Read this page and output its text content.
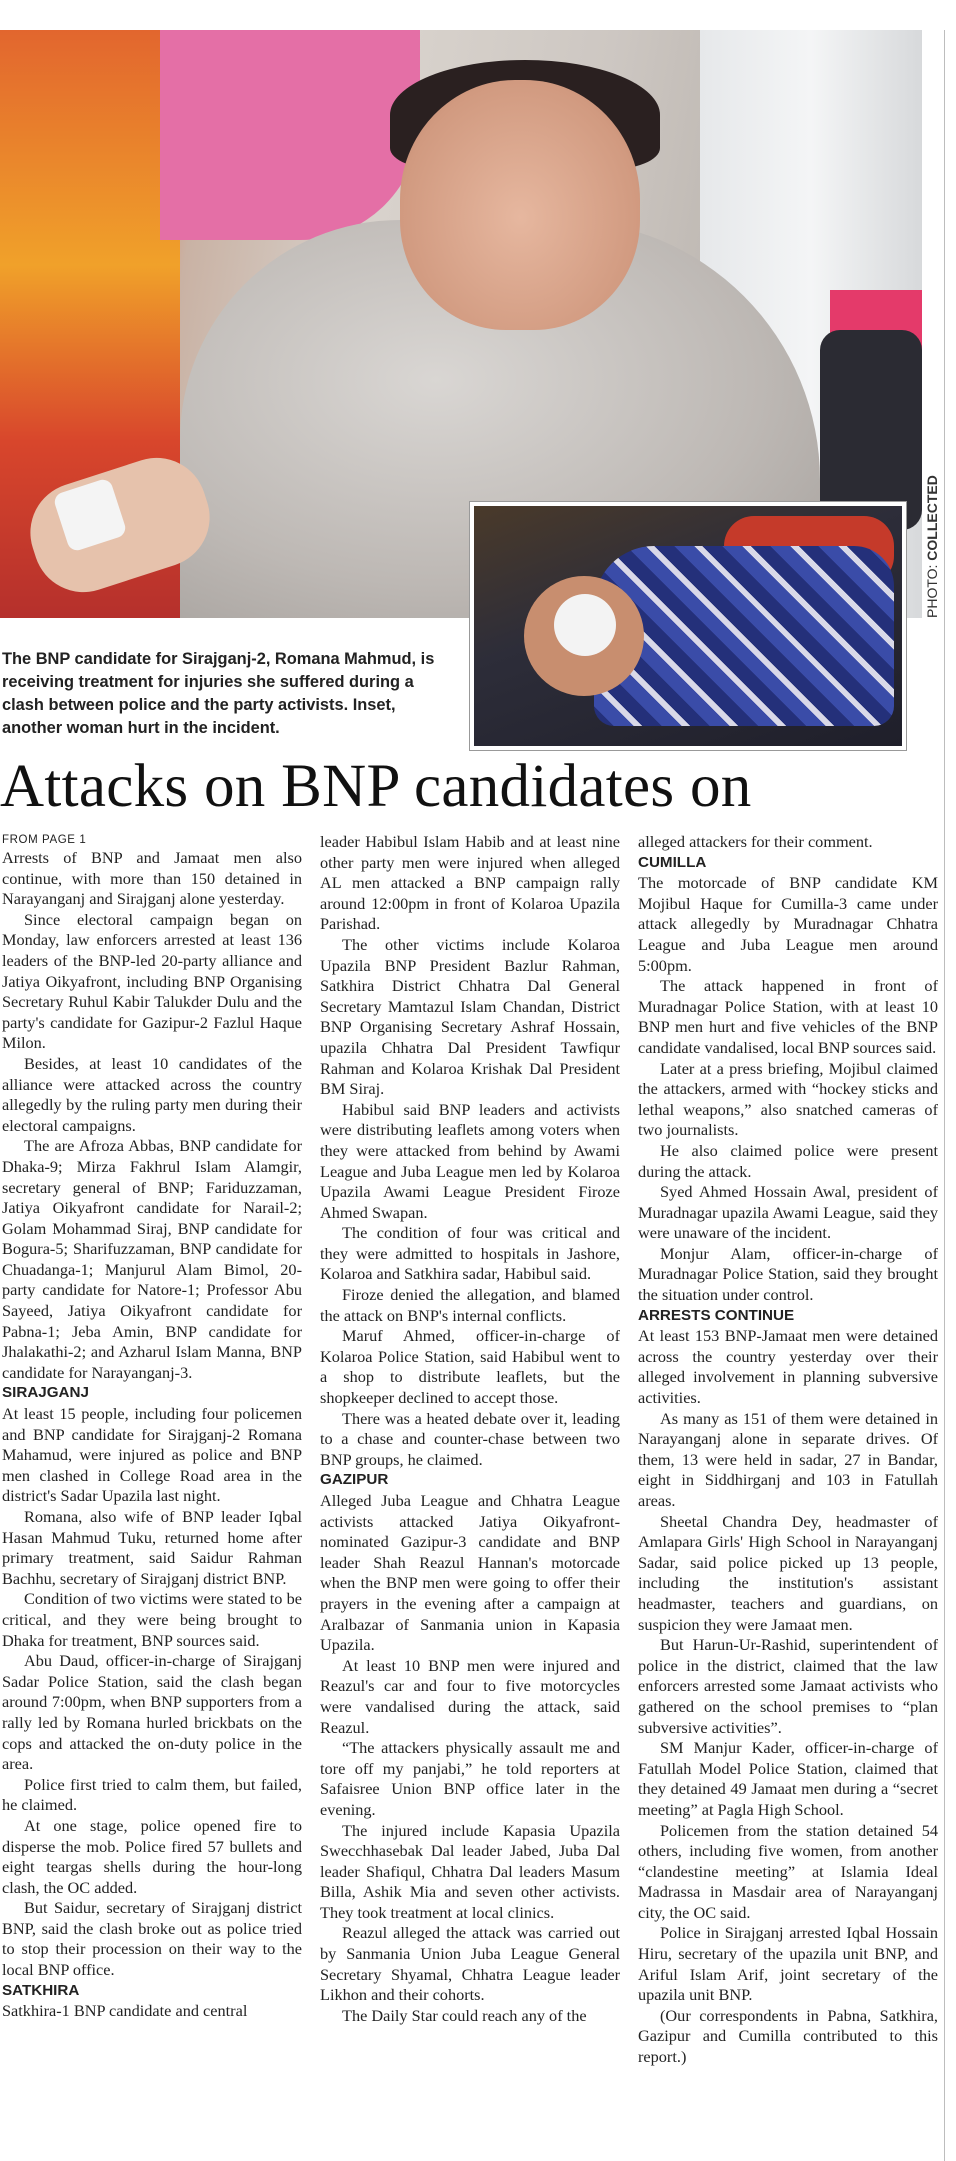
PHOTO: COLLECTED
The BNP candidate for Sirajganj-2, Romana Mahmud, is receiving treatment for injuries she suffered during a clash between police and the party activists. Inset, another woman hurt in the incident.
Attacks on BNP candidates on
FROM PAGE 1

Arrests of BNP and Jamaat men also continue, with more than 150 detained in Narayanganj and Sirajganj alone yesterday.

Since electoral campaign began on Monday, law enforcers arrested at least 136 leaders of the BNP-led 20-party alliance and Jatiya Oikyafront, including BNP Organising Secretary Ruhul Kabir Talukder Dulu and the party's candidate for Gazipur-2 Fazlul Haque Milon.

Besides, at least 10 candidates of the alliance were attacked across the country allegedly by the ruling party men during their electoral campaigns.

The are Afroza Abbas, BNP candidate for Dhaka-9; Mirza Fakhrul Islam Alamgir, secretary general of BNP; Fariduzzaman, Jatiya Oikyafront candidate for Narail-2; Golam Mohammad Siraj, BNP candidate for Bogura-5; Sharifuzzaman, BNP candidate for Chuadanga-1; Manjurul Alam Bimol, 20-party candidate for Natore-1; Professor Abu Sayeed, Jatiya Oikyafront candidate for Pabna-1; Jeba Amin, BNP candidate for Jhalakathi-2; and Azharul Islam Manna, BNP candidate for Narayanganj-3.

SIRAJGANJ

At least 15 people, including four policemen and BNP candidate for Sirajganj-2 Romana Mahamud, were injured as police and BNP men clashed in College Road area in the district's Sadar Upazila last night.

Romana, also wife of BNP leader Iqbal Hasan Mahmud Tuku, returned home after primary treatment, said Saidur Rahman Bachhu, secretary of Sirajganj district BNP.

Condition of two victims were stated to be critical, and they were being brought to Dhaka for treatment, BNP sources said.

Abu Daud, officer-in-charge of Sirajganj Sadar Police Station, said the clash began around 7:00pm, when BNP supporters from a rally led by Romana hurled brickbats on the cops and attacked the on-duty police in the area.

Police first tried to calm them, but failed, he claimed.

At one stage, police opened fire to disperse the mob. Police fired 57 bullets and eight teargas shells during the hour-long clash, the OC added.

But Saidur, secretary of Sirajganj district BNP, said the clash broke out as police tried to stop their procession on their way to the local BNP office.

SATKHIRA

Satkhira-1 BNP candidate and central

leader Habibul Islam Habib and at least nine other party men were injured when alleged AL men attacked a BNP campaign rally around 12:00pm in front of Kolaroa Upazila Parishad.

The other victims include Kolaroa Upazila BNP President Bazlur Rahman, Satkhira District Chhatra Dal General Secretary Mamtazul Islam Chandan, District BNP Organising Secretary Ashraf Hossain, upazila Chhatra Dal President Tawfiqur Rahman and Kolaroa Krishak Dal President BM Siraj.

Habibul said BNP leaders and activists were distributing leaflets among voters when they were attacked from behind by Awami League and Juba League men led by Kolaroa Upazila Awami League President Firoze Ahmed Swapan.

The condition of four was critical and they were admitted to hospitals in Jashore, Kolaroa and Satkhira sadar, Habibul said.

Firoze denied the allegation, and blamed the attack on BNP's internal conflicts.

Maruf Ahmed, officer-in-charge of Kolaroa Police Station, said Habibul went to a shop to distribute leaflets, but the shopkeeper declined to accept those.

There was a heated debate over it, leading to a chase and counter-chase between two BNP groups, he claimed.

GAZIPUR

Alleged Juba League and Chhatra League activists attacked Jatiya Oikyafront-nominated Gazipur-3 candidate and BNP leader Shah Reazul Hannan's motorcade when the BNP men were going to offer their prayers in the evening after a campaign at Aralbazar of Sanmania union in Kapasia Upazila.

At least 10 BNP men were injured and Reazul's car and four to five motorcycles were vandalised during the attack, said Reazul.

“The attackers physically assault me and tore off my panjabi,” he told reporters at Safaisree Union BNP office later in the evening.

The injured include Kapasia Upazila Swecchhasebak Dal leader Jabed, Juba Dal leader Shafiqul, Chhatra Dal leaders Masum Billa, Ashik Mia and seven other activists. They took treatment at local clinics.

Reazul alleged the attack was carried out by Sanmania Union Juba League General Secretary Shyamal, Chhatra League leader Likhon and their cohorts.

The Daily Star could reach any of the

alleged attackers for their comment.

CUMILLA

The motorcade of BNP candidate KM Mojibul Haque for Cumilla-3 came under attack allegedly by Muradnagar Chhatra League and Juba League men around 5:00pm.

The attack happened in front of Muradnagar Police Station, with at least 10 BNP men hurt and five vehicles of the BNP candidate vandalised, local BNP sources said.

Later at a press briefing, Mojibul claimed the attackers, armed with “hockey sticks and lethal weapons,” also snatched cameras of two journalists.

He also claimed police were present during the attack.

Syed Ahmed Hossain Awal, president of Muradnagar upazila Awami League, said they were unaware of the incident.

Monjur Alam, officer-in-charge of Muradnagar Police Station, said they brought the situation under control.

ARRESTS CONTINUE

At least 153 BNP-Jamaat men were detained across the country yesterday over their alleged involvement in planning subversive activities.

As many as 151 of them were detained in Narayanganj alone in separate drives. Of them, 13 were held in sadar, 27 in Bandar, eight in Siddhirganj and 103 in Fatullah areas.

Sheetal Chandra Dey, headmaster of Amlapara Girls' High School in Narayanganj Sadar, said police picked up 13 people, including the institution's assistant headmaster, teachers and guardians, on suspicion they were Jamaat men.

But Harun-Ur-Rashid, superintendent of police in the district, claimed that the law enforcers arrested some Jamaat activists who gathered on the school premises to “plan subversive activities”.

SM Manjur Kader, officer-in-charge of Fatullah Model Police Station, claimed that they detained 49 Jamaat men during a “secret meeting” at Pagla High School.

Policemen from the station detained 54 others, including five women, from another “clandestine meeting” at Islamia Ideal Madrassa in Masdair area of Narayanganj city, the OC said.

Police in Sirajganj arrested Iqbal Hossain Hiru, secretary of the upazila unit BNP, and Ariful Islam Arif, joint secretary of the upazila unit BNP.

(Our correspondents in Pabna, Satkhira, Gazipur and Cumilla contributed to this report.)
